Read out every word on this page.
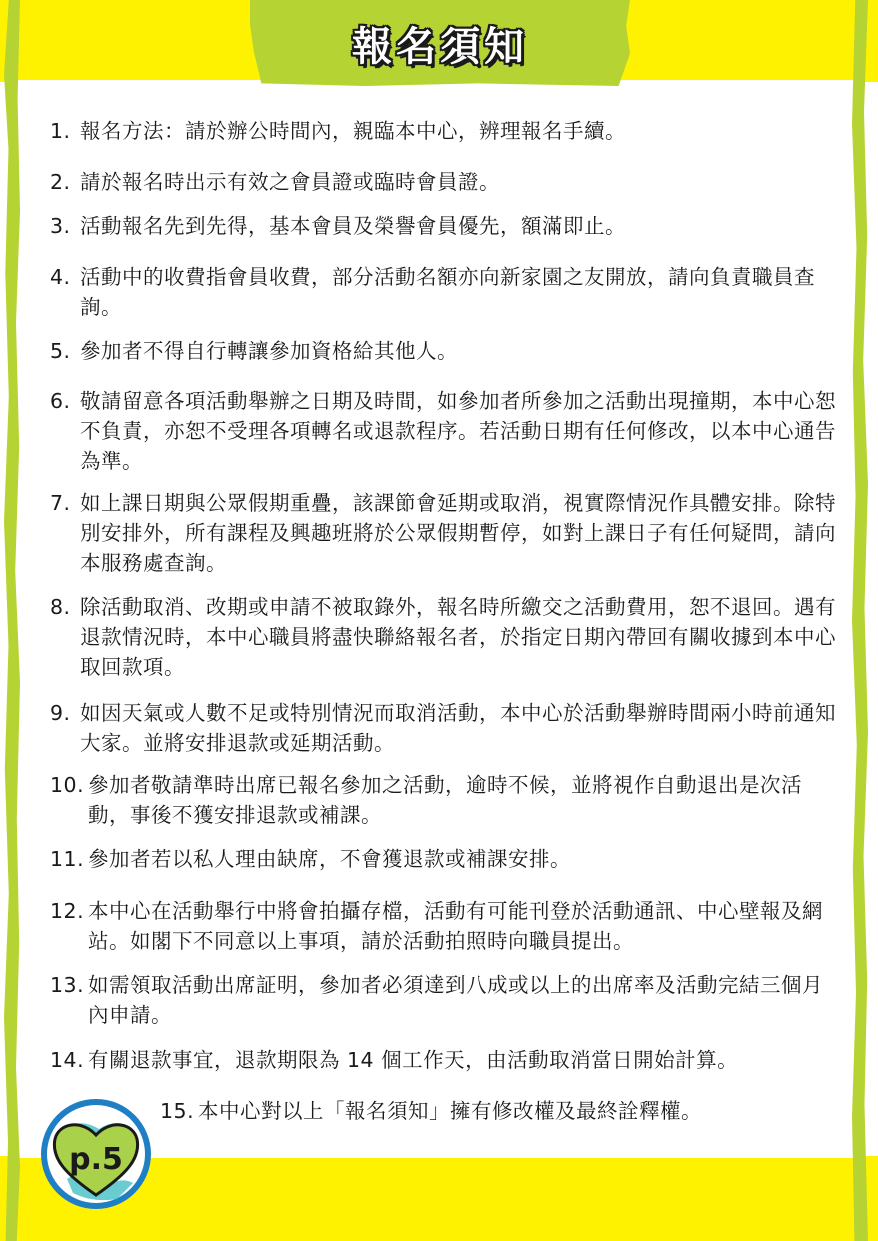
報名須知
1. 報名方法：請於辦公時間內，親臨本中心，辨理報名手續。
2. 請於報名時出示有效之會員證或臨時會員證。
3. 活動報名先到先得，基本會員及榮譽會員優先，額滿即止。
4. 活動中的收費指會員收費，部分活動名額亦向新家園之友開放，請向負責職員查詢。
5. 參加者不得自行轉讓參加資格給其他人。
6. 敬請留意各項活動舉辦之日期及時間，如參加者所參加之活動出現撞期，本中心恕不負責，亦恕不受理各項轉名或退款程序。若活動日期有任何修改，以本中心通告為準。
7. 如上課日期與公眾假期重疊，該課節會延期或取消，視實際情況作具體安排。除特別安排外，所有課程及興趣班將於公眾假期暫停，如對上課日子有任何疑問，請向本服務處查詢。
8. 除活動取消、改期或申請不被取錄外，報名時所繳交之活動費用，恕不退回。遇有退款情況時，本中心職員將盡快聯絡報名者，於指定日期內帶回有關收據到本中心取回款項。
9. 如因天氣或人數不足或特別情況而取消活動，本中心於活動舉辦時間兩小時前通知大家。並將安排退款或延期活動。
10. 參加者敬請準時出席已報名參加之活動，逾時不候，並將視作自動退出是次活動，事後不獲安排退款或補課。
11. 參加者若以私人理由缺席，不會獲退款或補課安排。
12. 本中心在活動舉行中將會拍攝存檔，活動有可能刊登於活動通訊、中心壁報及網站。如閣下不同意以上事項，請於活動拍照時向職員提出。
13. 如需領取活動出席証明，參加者必須達到八成或以上的出席率及活動完結三個月內申請。
14. 有關退款事宜，退款期限為 14 個工作天，由活動取消當日開始計算。
15. 本中心對以上「報名須知」擁有修改權及最終詮釋權。
p.5
